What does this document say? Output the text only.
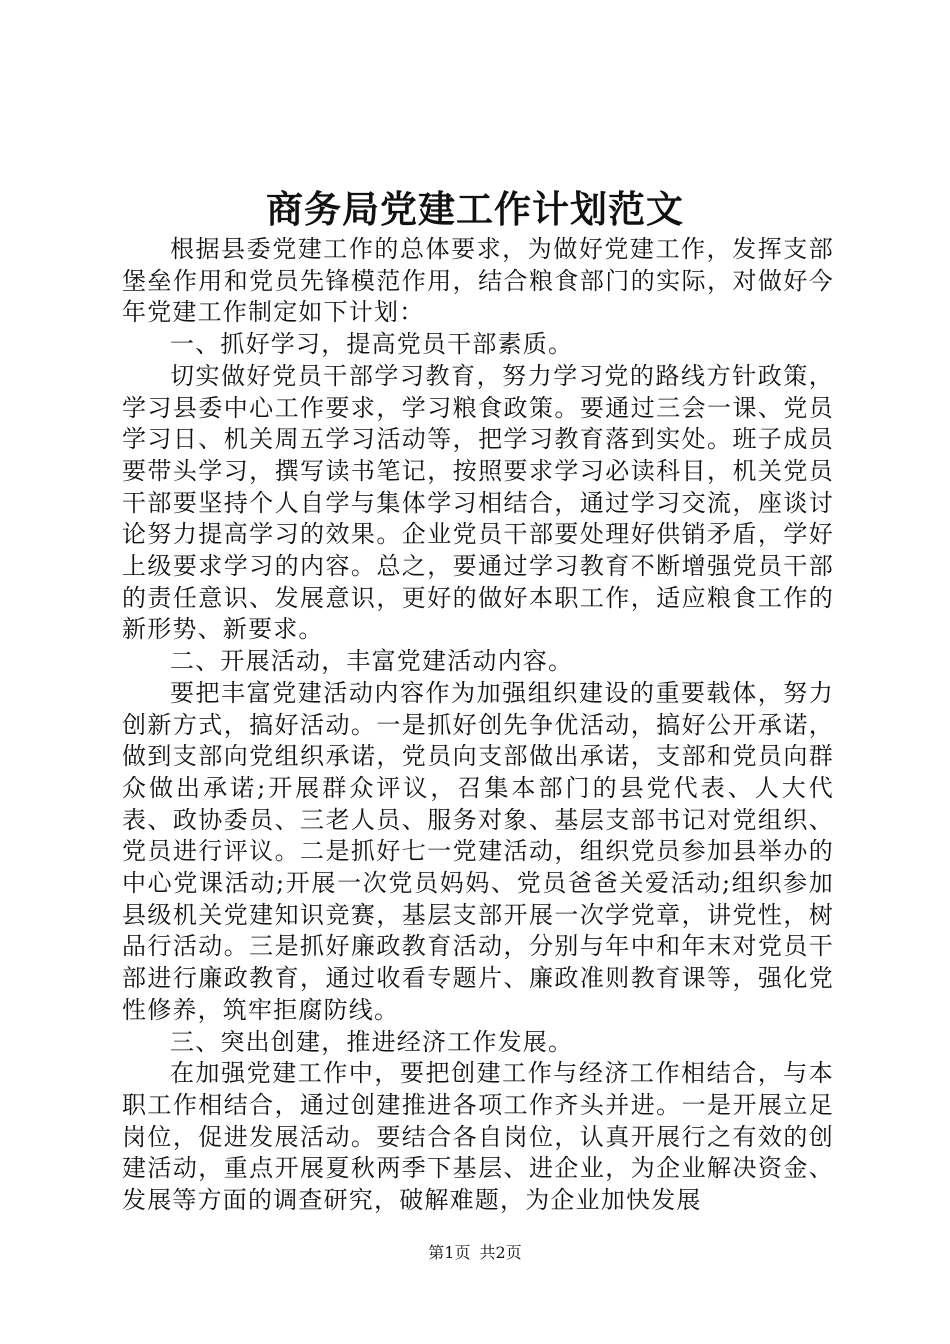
商务局党建工作计划范文

根据县委党建工作的总体要求，为做好党建工作，发挥支部堡垒作用和党员先锋模范作用，结合粮食部门的实际，对做好今年党建工作制定如下计划：

一、抓好学习，提高党员干部素质。

切实做好党员干部学习教育，努力学习党的路线方针政策，学习县委中心工作要求，学习粮食政策。要通过三会一课、党员学习日、机关周五学习活动等，把学习教育落到实处。班子成员要带头学习，撰写读书笔记，按照要求学习必读科目，机关党员干部要坚持个人自学与集体学习相结合，通过学习交流，座谈讨论努力提高学习的效果。企业党员干部要处理好供销矛盾，学好上级要求学习的内容。总之，要通过学习教育不断增强党员干部的责任意识、发展意识，更好的做好本职工作，适应粮食工作的新形势、新要求。

二、开展活动，丰富党建活动内容。

要把丰富党建活动内容作为加强组织建设的重要载体，努力创新方式，搞好活动。一是抓好创先争优活动，搞好公开承诺，做到支部向党组织承诺，党员向支部做出承诺，支部和党员向群众做出承诺;开展群众评议，召集本部门的县党代表、人大代表、政协委员、三老人员、服务对象、基层支部书记对党组织、党员进行评议。二是抓好七一党建活动，组织党员参加县举办的中心党课活动;开展一次党员妈妈、党员爸爸关爱活动;组织参加县级机关党建知识竞赛，基层支部开展一次学党章，讲党性，树品行活动。三是抓好廉政教育活动，分别与年中和年末对党员干部进行廉政教育，通过收看专题片、廉政准则教育课等，强化党性修养，筑牢拒腐防线。

三、突出创建，推进经济工作发展。

在加强党建工作中，要把创建工作与经济工作相结合，与本职工作相结合，通过创建推进各项工作齐头并进。一是开展立足岗位，促进发展活动。要结合各自岗位，认真开展行之有效的创建活动，重点开展夏秋两季下基层、进企业，为企业解决资金、发展等方面的调查研究，破解难题，为企业加快发展

第1页 共2页
